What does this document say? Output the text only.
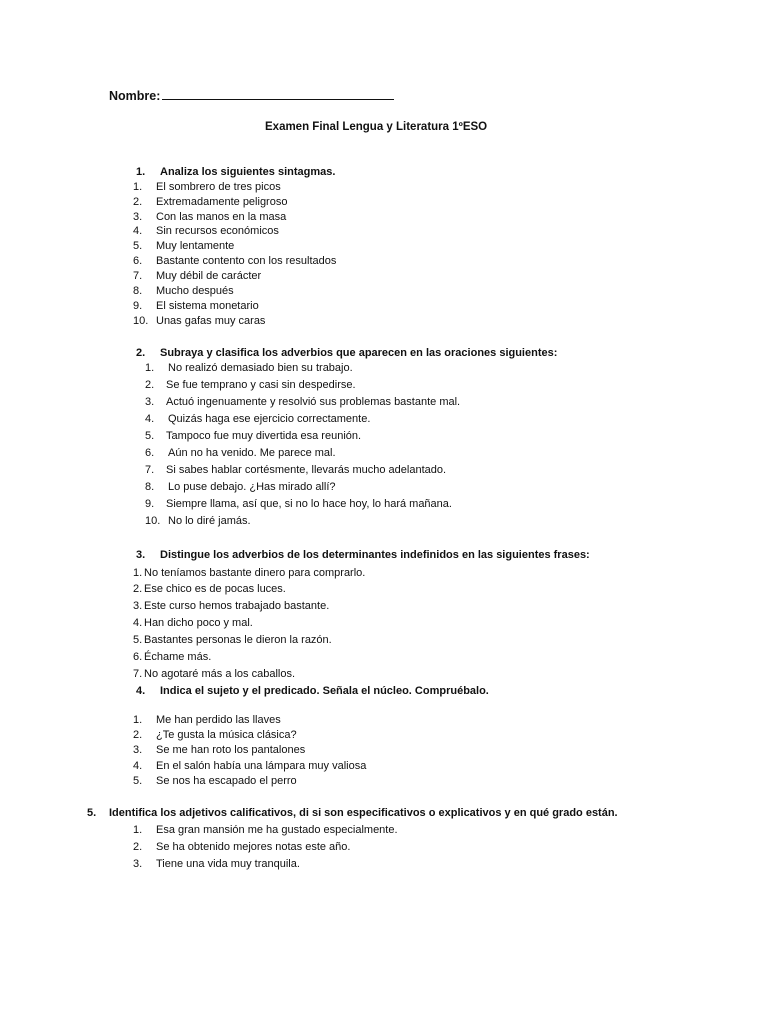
Nombre:
Examen Final Lengua y Literatura 1ºESO
1. Analiza los siguientes sintagmas.
1. El sombrero de tres picos
2. Extremadamente peligroso
3. Con las manos en la masa
4. Sin recursos económicos
5. Muy lentamente
6. Bastante contento con los resultados
7. Muy débil de carácter
8. Mucho después
9. El sistema monetario
10. Unas gafas muy caras
2. Subraya y clasifica los adverbios que aparecen en las oraciones siguientes:
1. No realizó demasiado bien su trabajo.
2. Se fue temprano y casi sin despedirse.
3. Actuó ingenuamente y resolvió sus problemas bastante mal.
4. Quizás haga ese ejercicio correctamente.
5. Tampoco fue muy divertida esa reunión.
6. Aún no ha venido. Me parece mal.
7. Si sabes hablar cortésmente, llevarás mucho adelantado.
8. Lo puse debajo. ¿Has mirado allí?
9. Siempre llama, así que, si no lo hace hoy, lo hará mañana.
10. No lo diré jamás.
3. Distingue los adverbios de los determinantes indefinidos en las siguientes frases:
1. No teníamos bastante dinero para comprarlo.
2. Ese chico es de pocas luces.
3. Este curso hemos trabajado bastante.
4. Han dicho poco y mal.
5. Bastantes personas le dieron la razón.
6. Échame más.
7. No agotaré más a los caballos.
4. Indica el sujeto y el predicado. Señala el núcleo. Compruébalo.
1. Me han perdido las llaves
2. ¿Te gusta la música clásica?
3. Se me han roto los pantalones
4. En el salón había una lámpara muy valiosa
5. Se nos ha escapado el perro
5. Identifica los adjetivos calificativos, di si son especificativos o explicativos y en qué grado están.
1. Esa gran mansión me ha gustado especialmente.
2. Se ha obtenido mejores notas este año.
3. Tiene una vida muy tranquila.
